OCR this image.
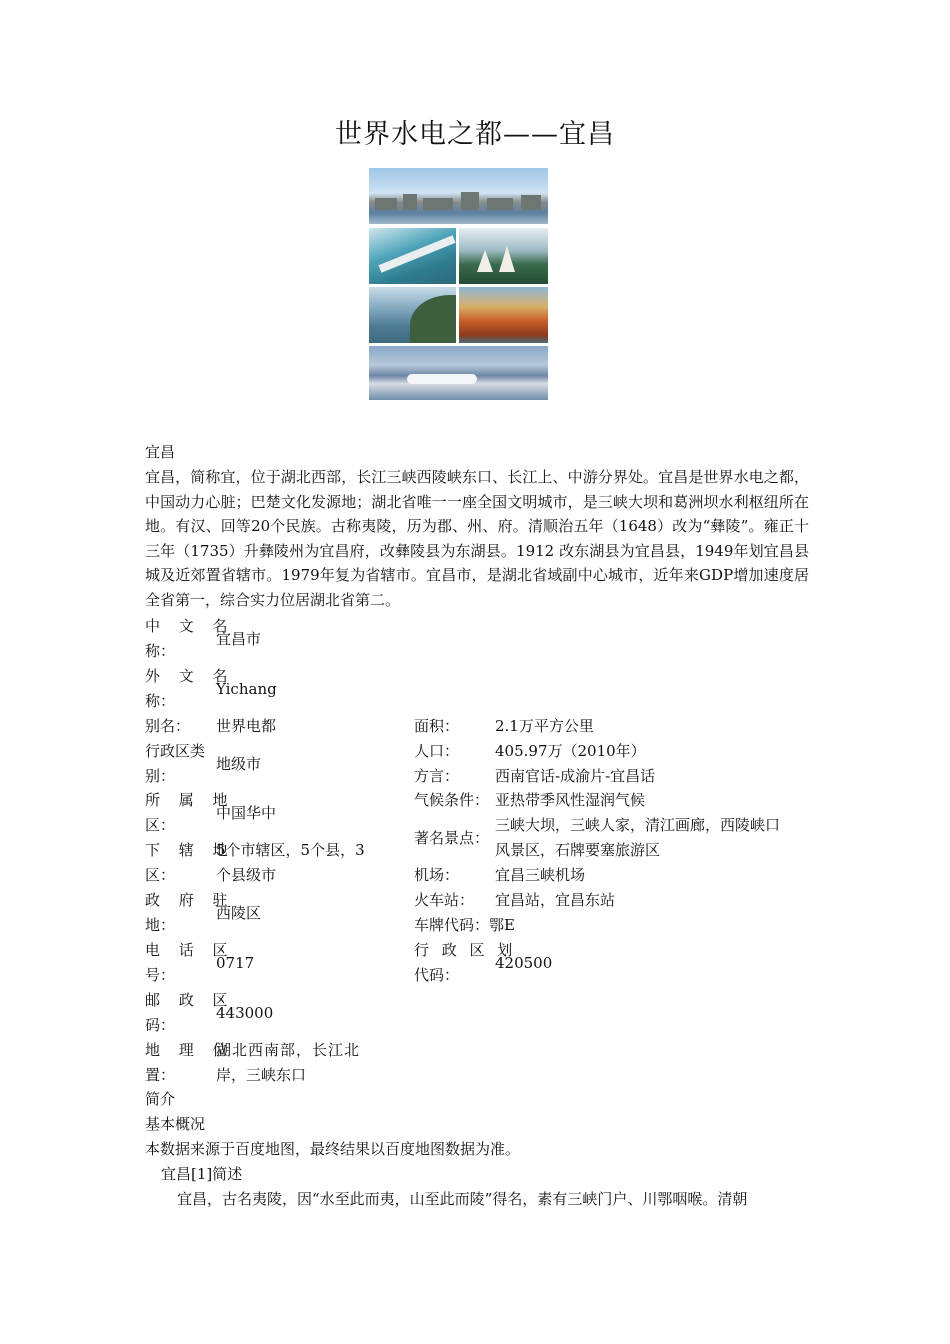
世界水电之都——宜昌
宜昌
宜昌，简称宜，位于湖北西部，长江三峡西陵峡东口、长江上、中游分界处。宜昌是世界水电之都，中国动力心脏；巴楚文化发源地；湖北省唯一一座全国文明城市，是三峡大坝和葛洲坝水利枢纽所在地。有汉、回等20个民族。古称夷陵，历为郡、州、府。清顺治五年（1648）改为“彝陵”。雍正十三年（1735）升彝陵州为宜昌府，改彝陵县为东湖县。1912 改东湖县为宜昌县，1949年划宜昌县城及近郊置省辖市。1979年复为省辖市。宜昌市，是湖北省域副中心城市，近年来GDP增加速度居全省第一，综合实力位居湖北省第二。
中 文 名
称：
宜昌市
外 文 名
称：
Yichang
别名： 世界电都
行政区类
别：
地级市
所 属 地
区：
中国华中
下 辖 地
区：
5个市辖区，5个县，3
个县级市
政 府 驻
地：
西陵区
电 话 区
号：
0717
邮 政 区
码：
443000
地 理 位
置：
湖北西南部，长江北
岸，三峡东口
面积： 2.1万平方公里
人口： 405.97万（2010年）
方言： 西南官话-成渝片-宜昌话
气候条件： 亚热带季风性湿润气候
著名景点：
三峡大坝，三峡人家，清江画廊，西陵峡口
风景区，石牌要塞旅游区
机场： 宜昌三峡机场
火车站： 宜昌站，宜昌东站
车牌代码： 鄂E
行 政 区 划
代码：
420500
简介
基本概况
本数据来源于百度地图，最终结果以百度地图数据为准。
宜昌[1]简述
宜昌，古名夷陵，因“水至此而夷，山至此而陵”得名，素有三峡门户、川鄂咽喉。清朝
